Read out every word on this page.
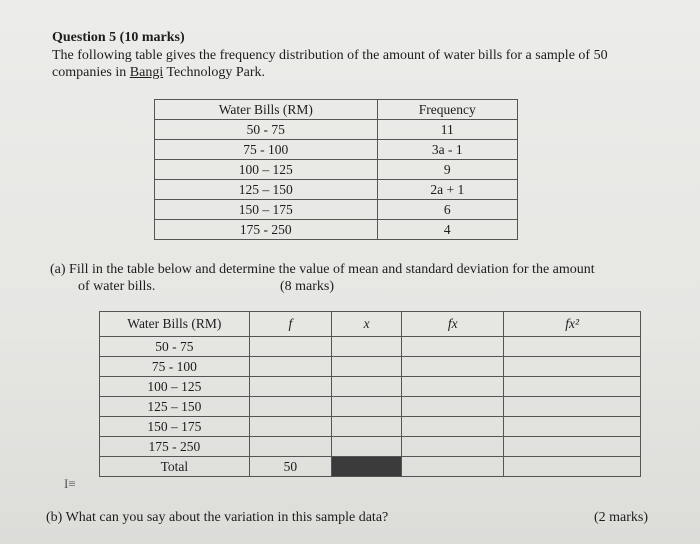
Question 5 (10 marks)
The following table gives the frequency distribution of the amount of water bills for a sample of 50
companies in Bangi Technology Park.
Water Bills (RM)	Frequency
50 - 75	11
75 - 100	3a - 1
100 – 125	9
125 – 150	2a + 1
150 – 175	6
175 - 250	4
(a) Fill in the table below and determine the value of mean and standard deviation for the amount
of water bills.	(8 marks)
Water Bills (RM)	f	x	fx	fx²
50 - 75				
75 - 100				
100 – 125				
125 – 150				
150 – 175				
175 - 250				
Total	50			
I≡
(b) What can you say about the variation in this sample data?	(2 marks)
